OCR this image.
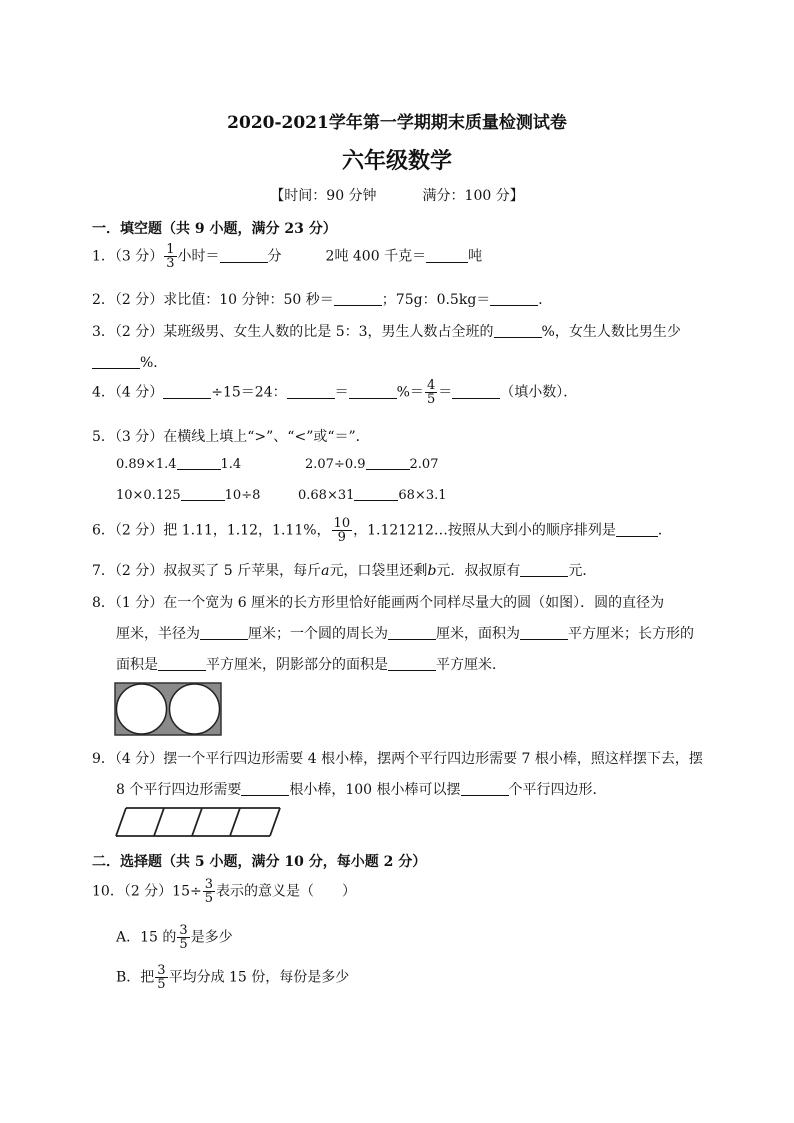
2020-2021学年第一学期期末质量检测试卷
六年级数学
【时间：90 分钟	满分：100 分】
一．填空题（共 9 小题，满分 23 分）
1．（3 分） $\frac{1}{3}$ 小时＝	分	2吨 400 千克＝	吨
2．（2 分）求比值：10 分钟：50 秒＝	；75g：0.5kg＝	．
3．（2 分）某班级男、女生人数的比是 5：3，男生人数占全班的	%，女生人数比男生少
%．
4．（4 分）	÷15＝24：	＝	%＝ $\frac{4}{5}$ ＝	（填小数）．
5．（3 分）在横线上填上“>”、“<”或“＝”．
0.89×1.4	1.4	2.07÷0.9	2.07
10×0.125	10÷8	0.68×31	68×3.1
6．（2 分）把 1.11，1.12，1.11%， $\frac{10}{9}$ ，1.121212…按照从大到小的顺序排列是	．
7．（2 分）叔叔买了 5 斤苹果，每斤a元，口袋里还剩b元．叔叔原有	元．
8．（1 分）在一个宽为 6 厘米的长方形里恰好能画两个同样尽量大的圆（如图）．圆的直径为
厘米，半径为	厘米；一个圆的周长为	厘米，面积为	平方厘米；长方形的
面积是	平方厘米，阴影部分的面积是	平方厘米．
9．（4 分）摆一个平行四边形需要 4 根小棒，摆两个平行四边形需要 7 根小棒，照这样摆下去，摆
8 个平行四边形需要	根小棒，100 根小棒可以摆	个平行四边形．
二．选择题（共 5 小题，满分 10 分，每小题 2 分）
10．（2 分）$15\div \frac{3}{5}$ 表示的意义是（　　）
A．15 的 $\frac{3}{5}$ 是多少
B．把 $\frac{3}{5}$ 平均分成 15 份，每份是多少
